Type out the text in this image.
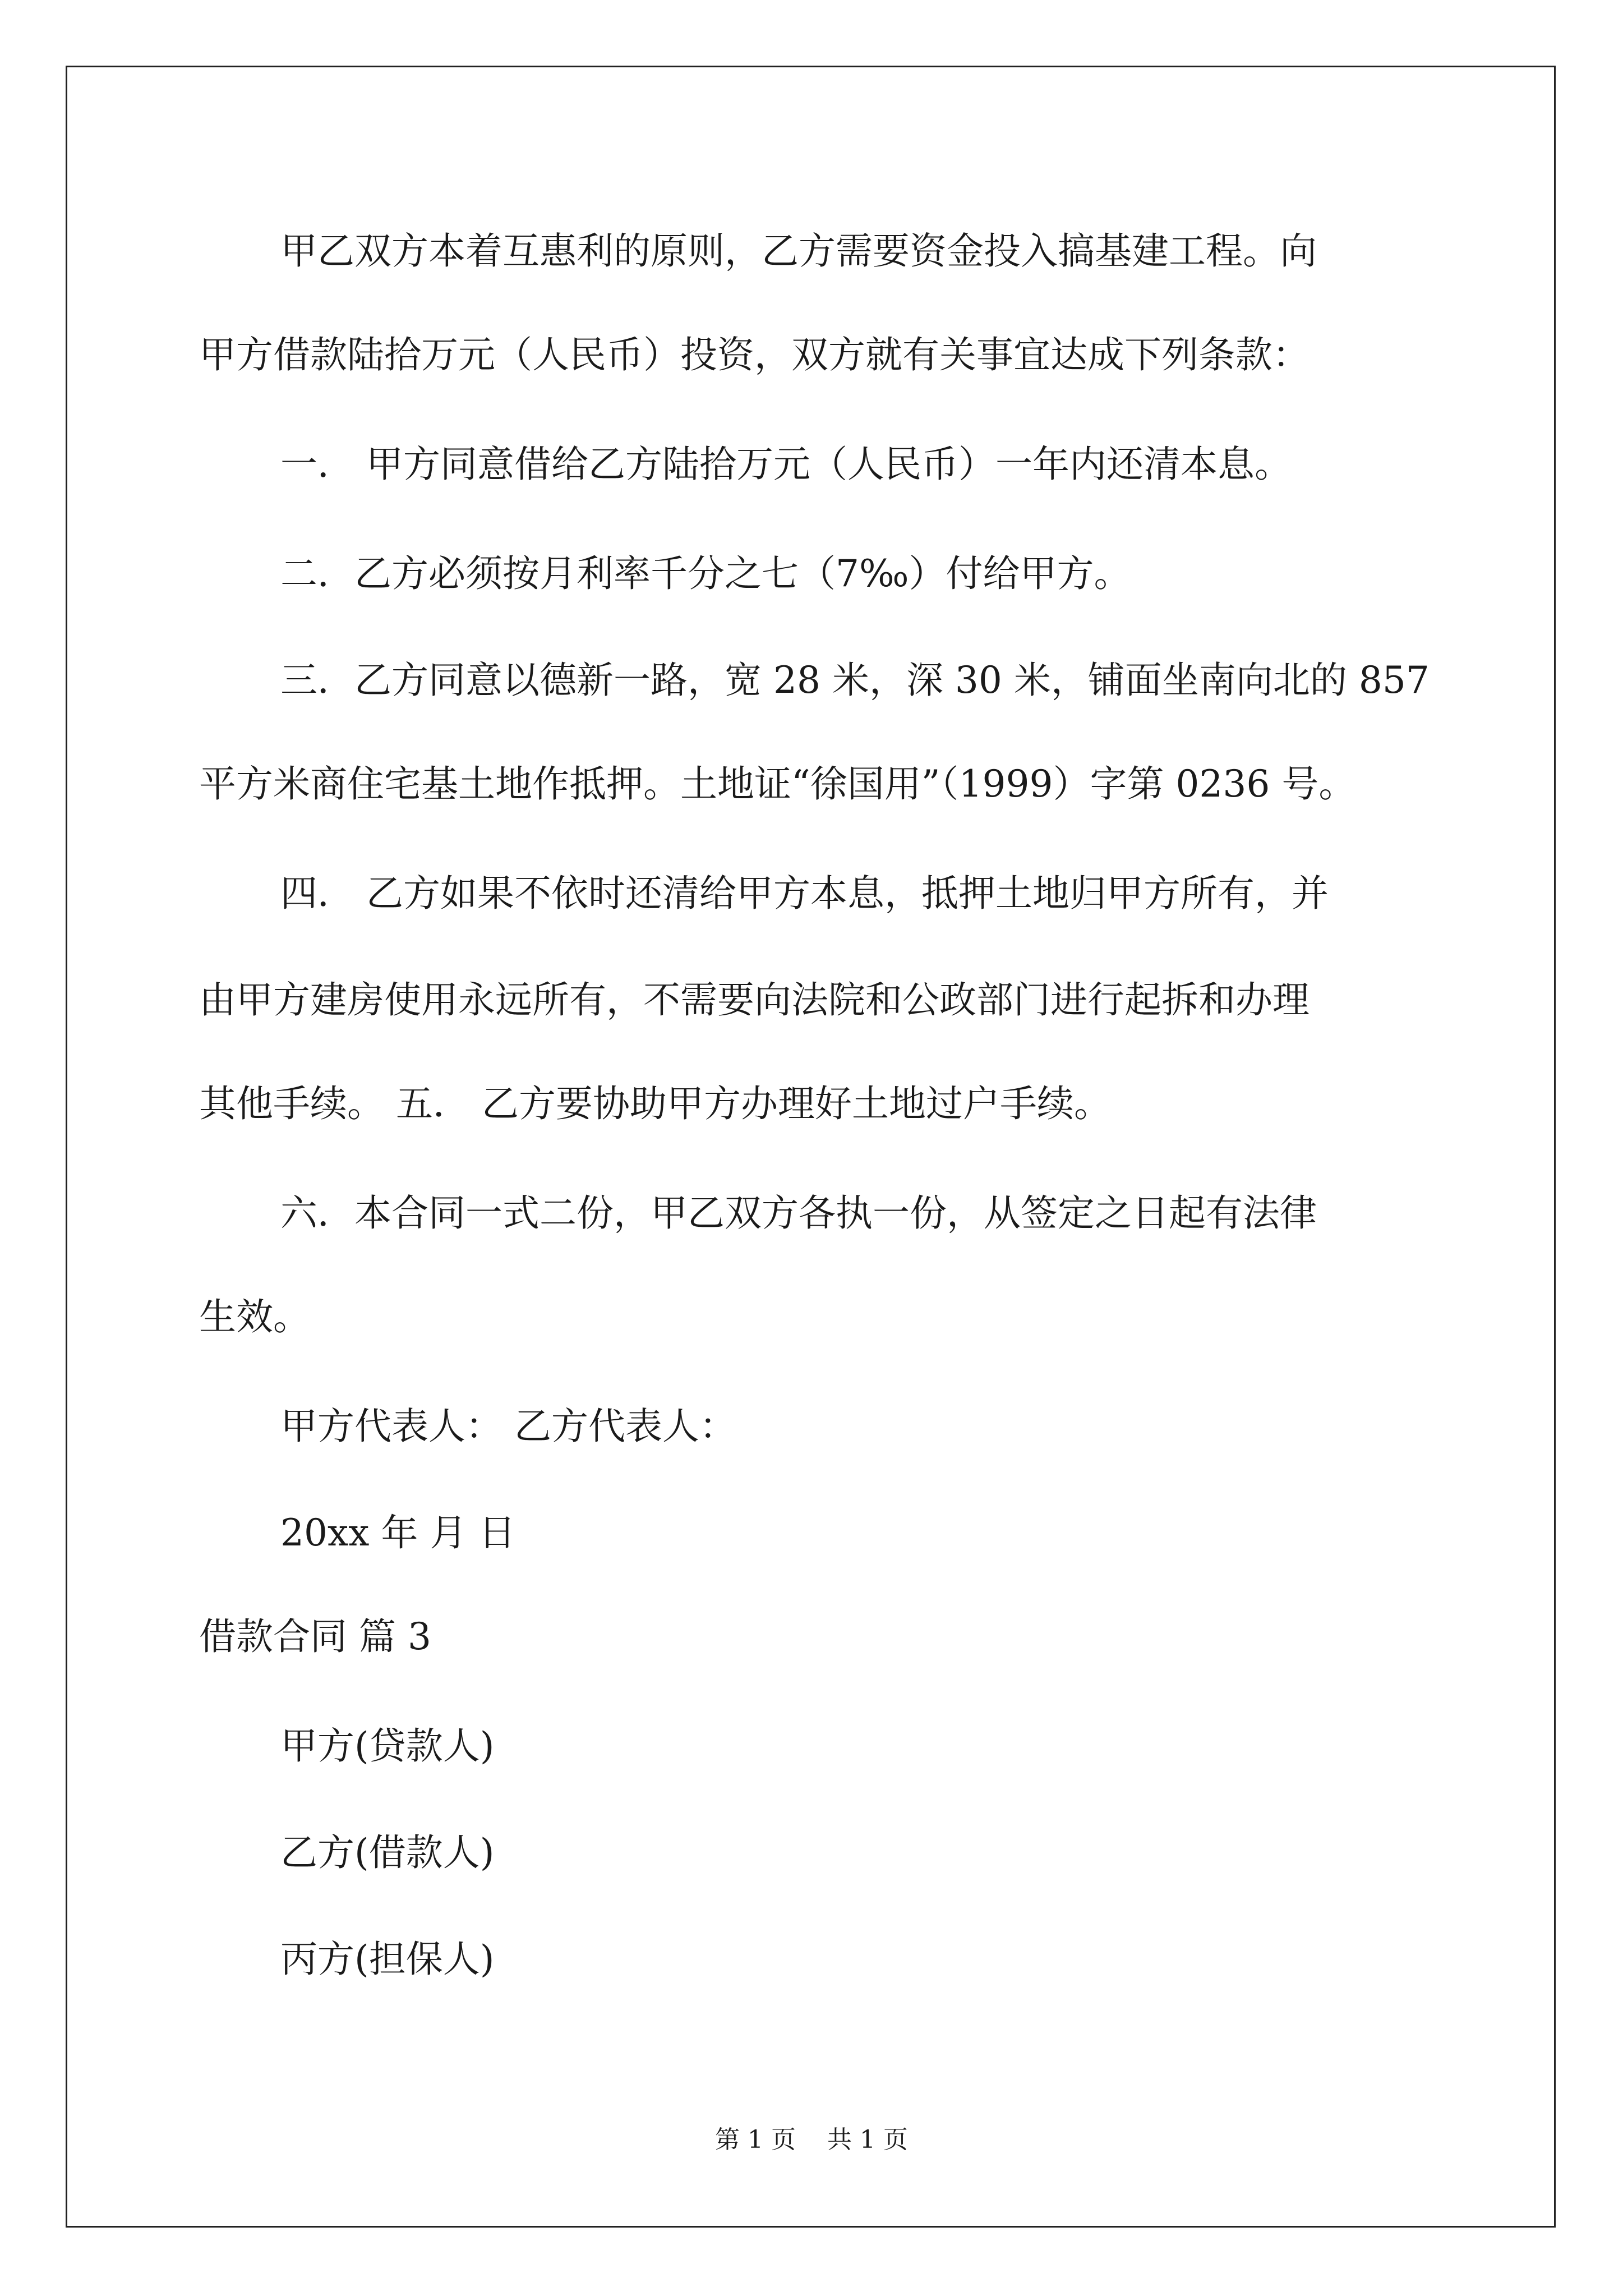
甲乙双方本着互惠利的原则，乙方需要资金投入搞基建工程。向
甲方借款陆拾万元（人民币）投资，双方就有关事宜达成下列条款：
一． 甲方同意借给乙方陆拾万元（人民币）一年内还清本息。
二．乙方必须按月利率千分之七（7‰）付给甲方。
三．乙方同意以德新一路，宽 28 米，深 30 米，铺面坐南向北的 857
平方米商住宅基土地作抵押。土地证“徐国用”（1999）字第 0236 号。
四． 乙方如果不依时还清给甲方本息，抵押土地归甲方所有，并
由甲方建房使用永远所有，不需要向法院和公政部门进行起拆和办理
其他手续。 五． 乙方要协助甲方办理好土地过户手续。
六．本合同一式二份，甲乙双方各执一份，从签定之日起有法律
生效。
甲方代表人： 乙方代表人：
20xx 年 月 日
借款合同 篇 3
甲方(贷款人)
乙方(借款人)
丙方(担保人)
第 1 页    共 1 页
